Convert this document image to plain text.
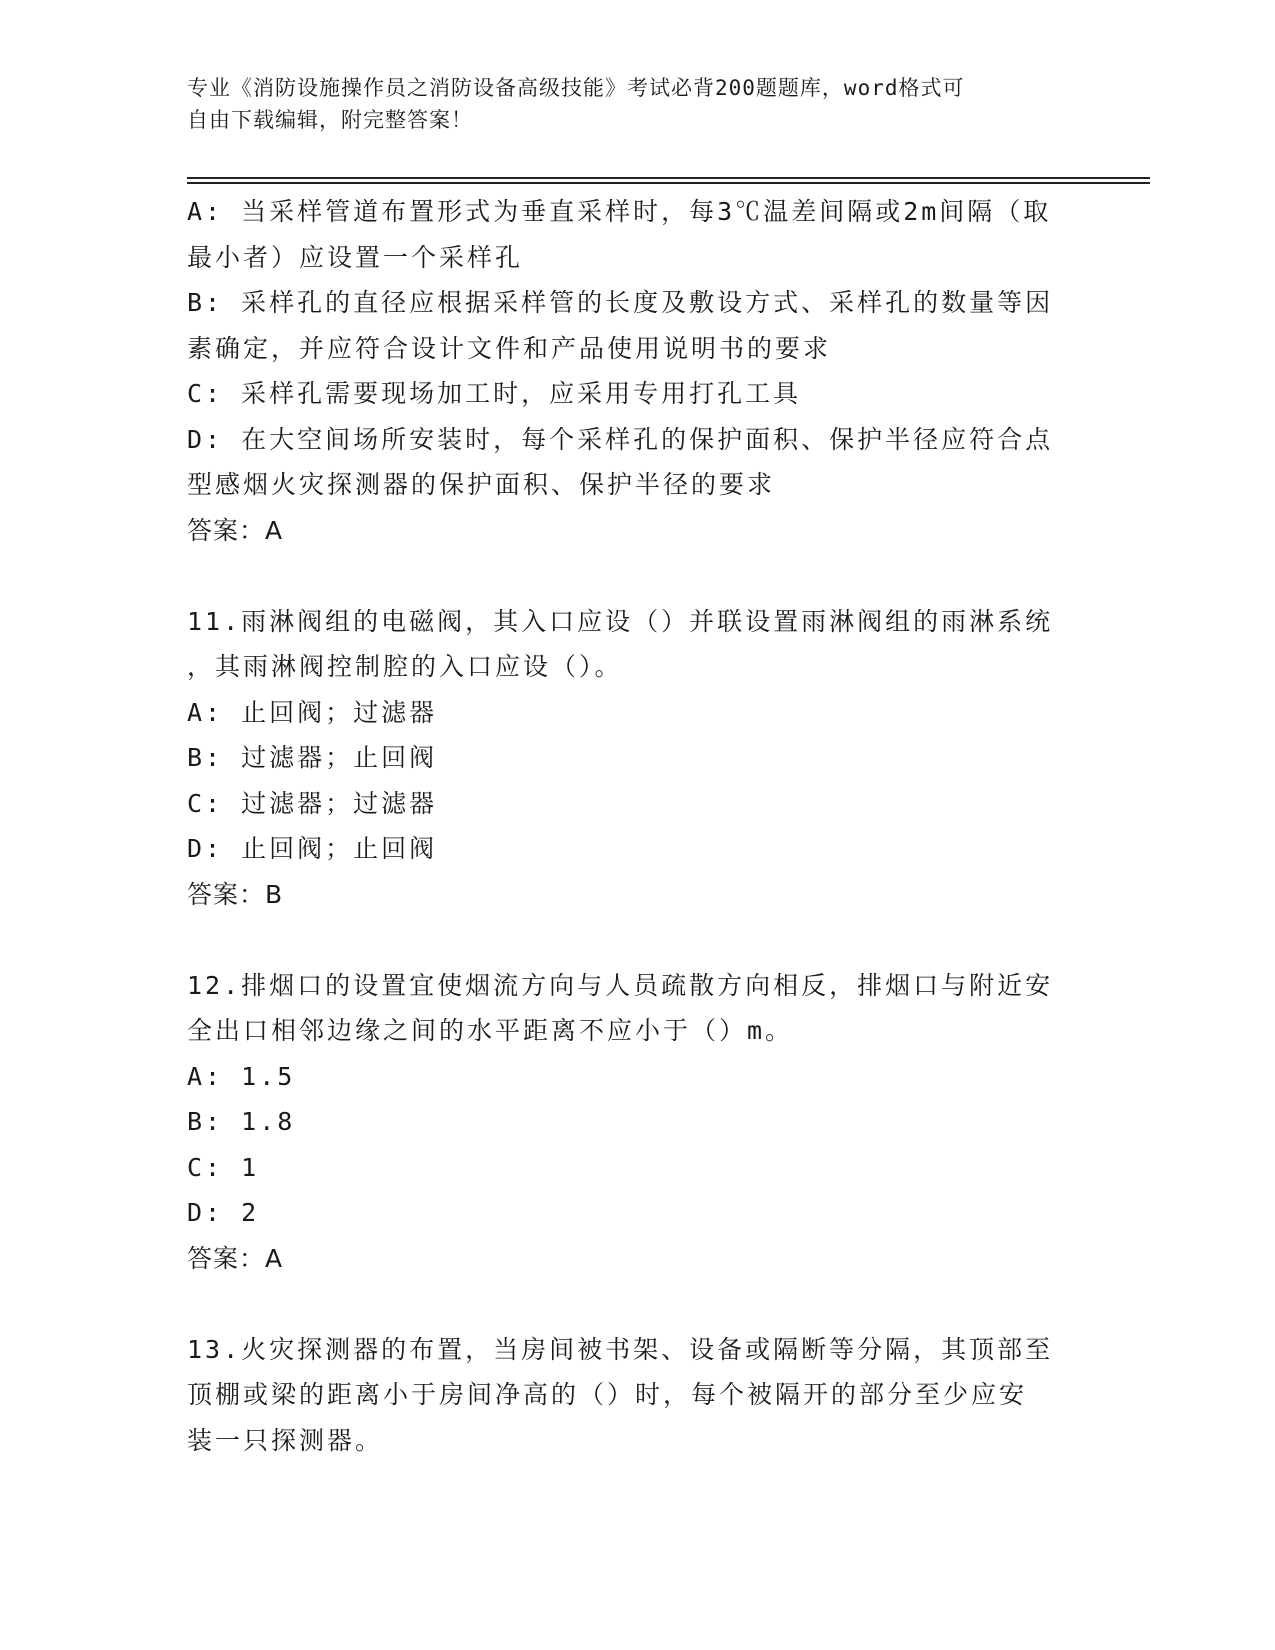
专业《消防设施操作员之消防设备高级技能》考试必背200题题库，word格式可
自由下载编辑，附完整答案！
A: 当采样管道布置形式为垂直采样时，每3℃温差间隔或2m间隔（取
最小者）应设置一个采样孔
B: 采样孔的直径应根据采样管的长度及敷设方式、采样孔的数量等因
素确定，并应符合设计文件和产品使用说明书的要求
C: 采样孔需要现场加工时，应采用专用打孔工具
D: 在大空间场所安装时，每个采样孔的保护面积、保护半径应符合点
型感烟火灾探测器的保护面积、保护半径的要求
答案：A
11.雨淋阀组的电磁阀，其入口应设（）并联设置雨淋阀组的雨淋系统
，其雨淋阀控制腔的入口应设（）。
A: 止回阀；过滤器
B: 过滤器；止回阀
C: 过滤器；过滤器
D: 止回阀；止回阀
答案：B
12.排烟口的设置宜使烟流方向与人员疏散方向相反，排烟口与附近安
全出口相邻边缘之间的水平距离不应小于（）m。
A: 1.5
B: 1.8
C: 1
D: 2
答案：A
13.火灾探测器的布置，当房间被书架、设备或隔断等分隔，其顶部至
顶棚或梁的距离小于房间净高的（）时，每个被隔开的部分至少应安
装一只探测器。
